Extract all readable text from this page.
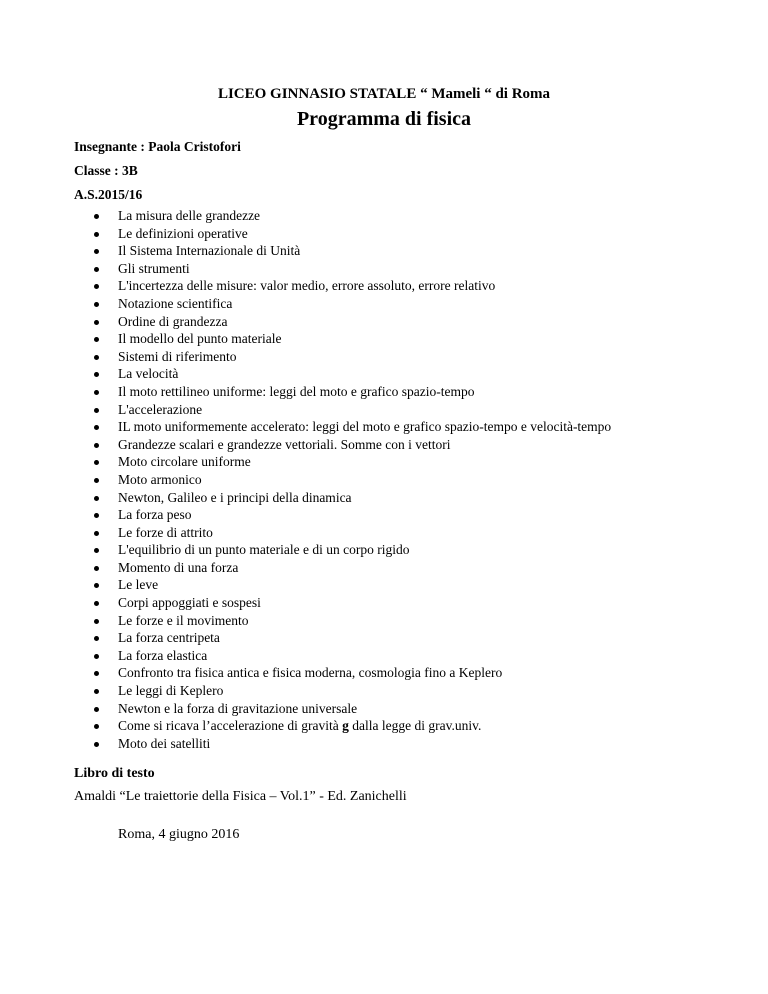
LICEO GINNASIO STATALE “ Mameli “ di Roma
Programma di fisica
Insegnante : Paola Cristofori
Classe : 3B
A.S.2015/16
La misura delle grandezze
Le definizioni operative
Il Sistema Internazionale di Unità
Gli strumenti
L'incertezza delle misure: valor medio, errore assoluto, errore relativo
Notazione scientifica
Ordine di grandezza
Il modello del punto materiale
Sistemi di riferimento
La velocità
Il moto rettilineo uniforme: leggi del moto e grafico spazio-tempo
L'accelerazione
IL moto uniformemente accelerato: leggi del moto e grafico spazio-tempo e velocità-tempo
Grandezze scalari e grandezze vettoriali. Somme con i vettori
Moto circolare uniforme
Moto armonico
Newton, Galileo e i principi della dinamica
La forza peso
Le forze di attrito
L'equilibrio di un punto materiale e di un corpo rigido
Momento di una forza
Le leve
Corpi appoggiati e sospesi
Le forze e il movimento
La forza centripeta
La forza elastica
Confronto tra fisica antica e fisica moderna, cosmologia fino a Keplero
Le leggi di Keplero
Newton e la forza di gravitazione universale
Come si ricava l’accelerazione di gravità g dalla legge di grav.univ.
Moto dei satelliti
Libro di testo
Amaldi “Le traiettorie della Fisica – Vol.1” - Ed. Zanichelli
Roma, 4 giugno 2016
